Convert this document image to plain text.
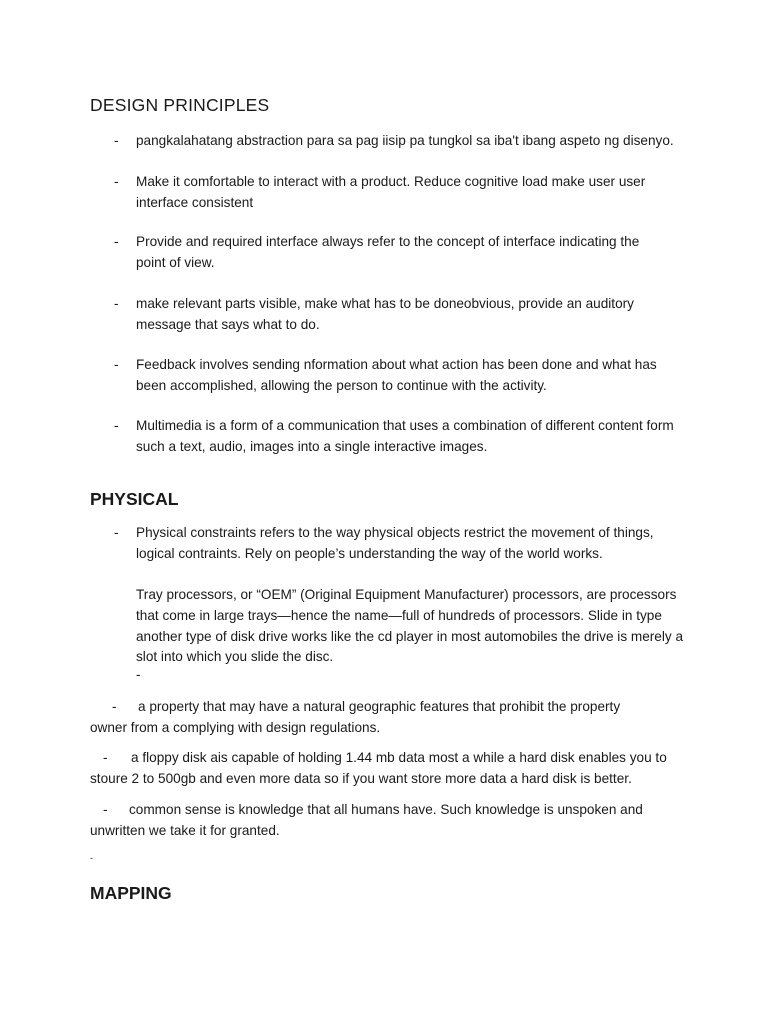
DESIGN PRINCIPLES
- pangkalahatang abstraction para sa pag iisip pa tungkol sa iba't ibang aspeto ng disenyo.
- Make it comfortable to interact with a product. Reduce cognitive load make user user interface consistent
- Provide and required interface always refer to the concept of interface indicating the point of view.
- make relevant parts visible, make what has to be doneobvious, provide an auditory message that says what to do.
- Feedback involves sending nformation about what action has been done and what has been accomplished, allowing the person to continue with the activity.
- Multimedia is a form of a communication that uses a combination of different content form such a text, audio, images into a single interactive images.
PHYSICAL
- Physical constraints refers to the way physical objects restrict the movement of things, logical contraints. Rely on people’s understanding the way of the world works.
Tray processors, or “OEM” (Original Equipment Manufacturer) processors, are processors that come in large trays—hence the name—full of hundreds of processors. Slide in type another type of disk drive works like the cd player in most automobiles the drive is merely a slot into which you slide the disc.
-
- a property that may have a natural geographic features that prohibit the property owner from a complying with design regulations.
- a floppy disk ais capable of holding 1.44 mb data most a while a hard disk enables you to stoure 2 to 500gb and even more data so if you want store more data a hard disk is better.
- common sense is knowledge that all humans have. Such knowledge is unspoken and unwritten we take it for granted.
-
MAPPING
